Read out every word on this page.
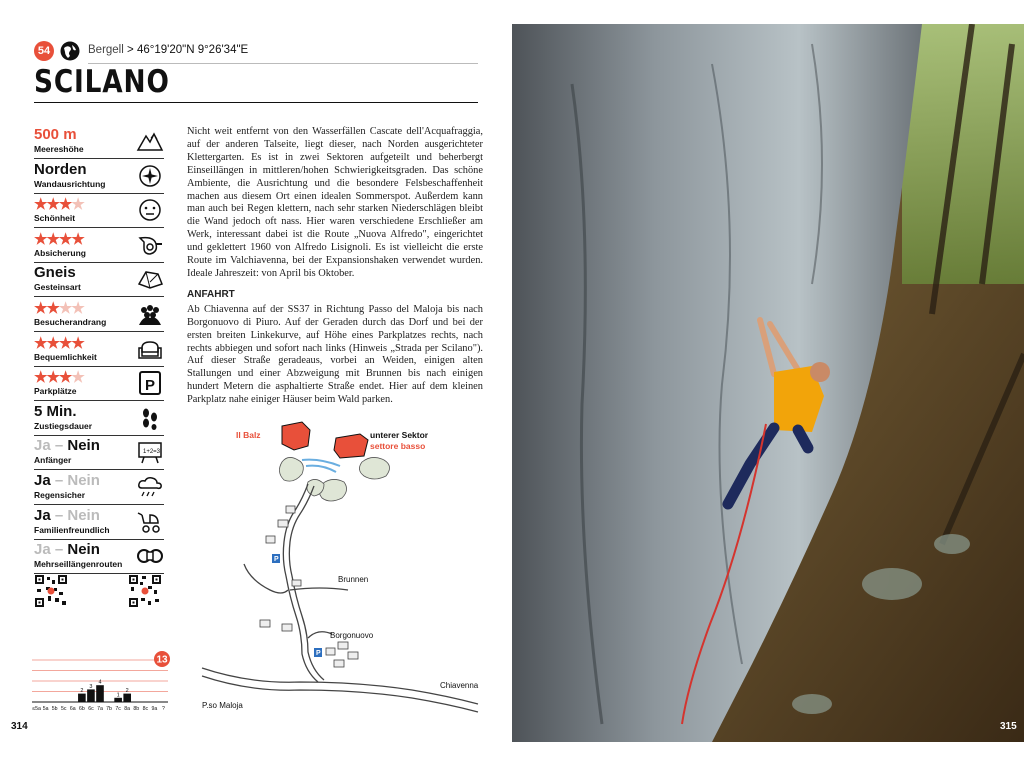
54	Bergell > 46°19'20"N 9°26'34"E
SCILANO
500 m
Meereshöhe
Norden
Wandausrichtung
★★★★
Schönheit
★★★★
Absicherung
Gneis
Gesteinsart
★★★★
Besucherandrang
★★★★
Bequemlichkeit
★★★★
Parkplätze	P
5 Min.
Zustiegsdauer
Ja – Nein
Anfänger
1+2=3
Ja – Nein
Regensicher
Ja – Nein
Familienfreundlich
Ja – Nein
Mehrseillängenrouten
13
≤5a 5a 5b 5c 6a
2
6b
3
6c
4
7a 7b
1
7c
2
8a 8b 8c 9a ?

Nicht weit entfernt von den Wasserfällen Cascate dell'Acquafraggia, auf der anderen Talseite, liegt dieser, nach Norden ausgerichteter Klettergarten. Es ist in zwei Sektoren aufgeteilt und beherbergt Einseillängen in mittleren/hohen Schwierigkeitsgraden. Das schöne Ambiente, die Ausrichtung und die besondere Felsbeschaffenheit machen aus diesem Ort einen idealen Sommerspot. Außerdem kann man auch bei Regen klettern, nach sehr starken Niederschlägen bleibt die Wand jedoch oft nass. Hier waren verschiedene Erschließer am Werk, interessant dabei ist die Route „Nuova Alfredo", eingerichtet und geklettert 1960 von Alfredo Lisignoli. Es ist vielleicht die erste Route im Valchiavenna, bei der Expansionshaken verwendet wurden. Ideale Jahreszeit: von April bis Oktober.

ANFAHRT

Ab Chiavenna auf der SS37 in Richtung Passo del Maloja bis nach Borgonuovo di Piuro. Auf der Geraden durch das Dorf und bei der ersten breiten Linkekurve, auf Höhe eines Parkplatzes rechts, nach rechts abbiegen und sofort nach links (Hinweis „Strada per Scilano"). Auf dieser Straße geradeaus, vorbei an Weiden, einigen alten Stallungen und einer Abzweigung mit Brunnen bis nach einigen hundert Metern die asphaltierte Straße endet. Hier auf dem kleinen Parkplatz nahe einiger Häuser beim Wald parken.

P
P
Il Balz	unterer Sektor
settore basso
Brunnen
Borgonuovo
Chiavenna
P.so Maloja
314	315
